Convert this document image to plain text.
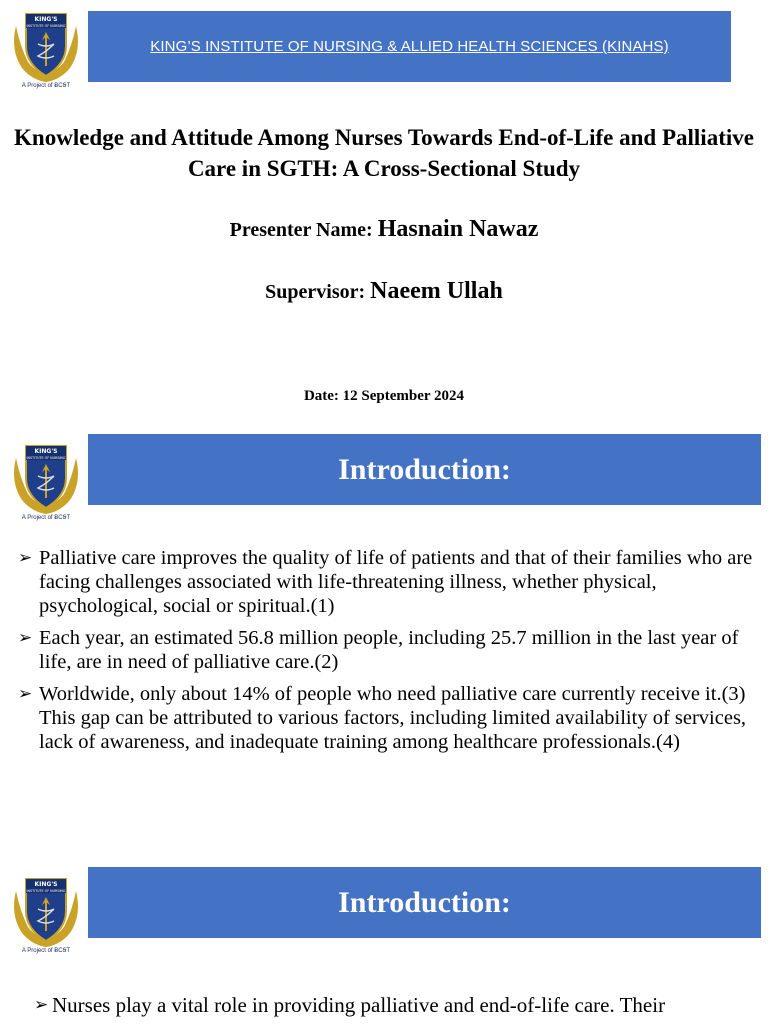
KING'S
INSTITUTE OF NURSING
A Project of ɃCꞨT
KING’S INSTITUTE OF NURSING & ALLIED HEALTH SCIENCES (KINAHS)
Knowledge and Attitude Among Nurses Towards End-of-Life and Palliative Care in SGTH: A Cross-Sectional Study
Presenter Name: Hasnain Nawaz
Supervisor: Naeem Ullah
Date: 12 September 2024
KING'S
INSTITUTE OF NURSING
A Project of ɃCꞨT
Introduction:
➢ Palliative care improves the quality of life of patients and that of their families who are facing challenges associated with life-threatening illness, whether physical, psychological, social or spiritual.(1)
➢ Each year, an estimated 56.8 million people, including 25.7 million in the last year of life, are in need of palliative care.(2)
➢ Worldwide, only about 14% of people who need palliative care currently receive it.(3) This gap can be attributed to various factors, including limited availability of services, lack of awareness, and inadequate training among healthcare professionals.(4)
KING'S
INSTITUTE OF NURSING
A Project of ɃCꞨT
Introduction:
➢ Nurses play a vital role in providing palliative and end-of-life care. Their
